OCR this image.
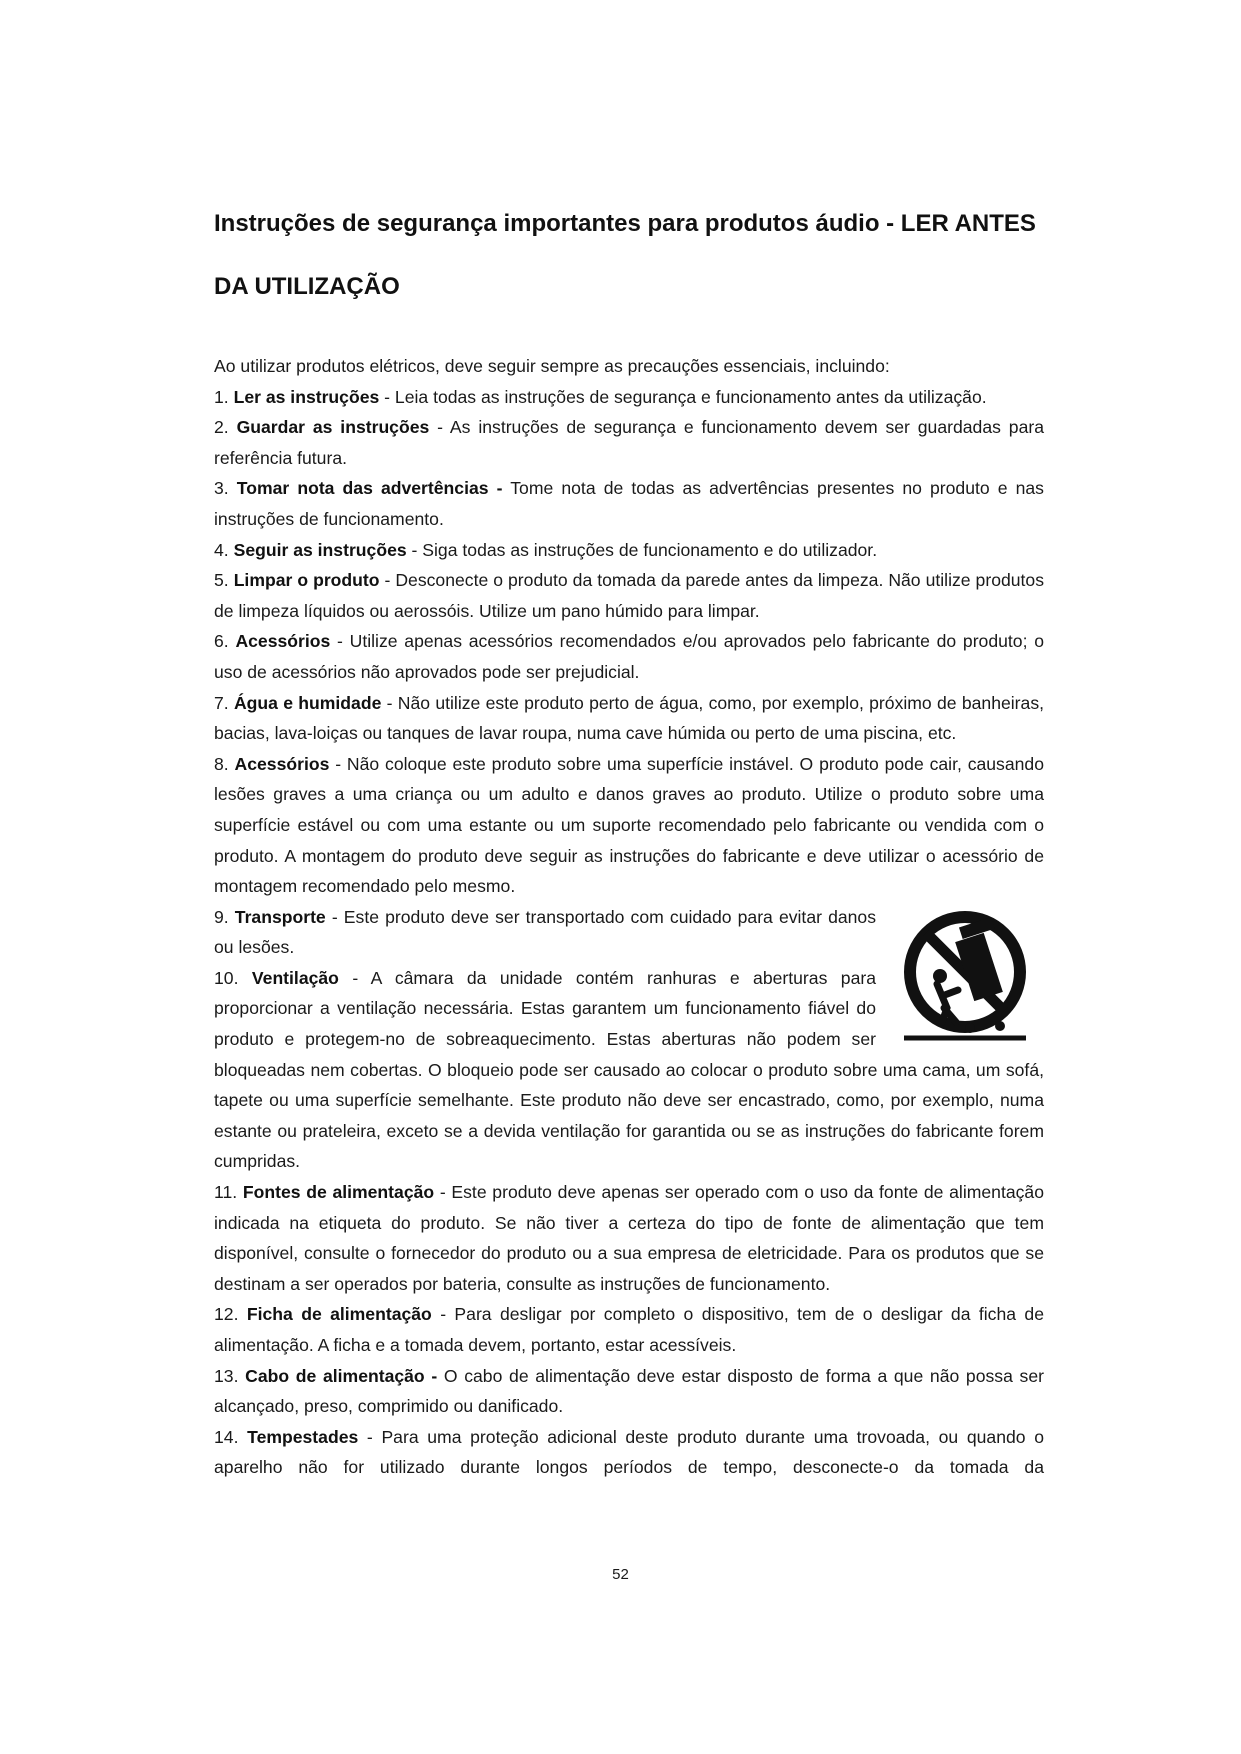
Instruções de segurança importantes para produtos áudio - LER ANTES
DA UTILIZAÇÃO

Ao utilizar produtos elétricos, deve seguir sempre as precauções essenciais, incluindo:

1. Ler as instruções - Leia todas as instruções de segurança e funcionamento antes da utilização.

2. Guardar as instruções - As instruções de segurança e funcionamento devem ser guardadas para referência futura.

3. Tomar nota das advertências - Tome nota de todas as advertências presentes no produto e nas instruções de funcionamento.

4. Seguir as instruções - Siga todas as instruções de funcionamento e do utilizador.

5. Limpar o produto - Desconecte o produto da tomada da parede antes da limpeza. Não utilize produtos de limpeza líquidos ou aerossóis. Utilize um pano húmido para limpar.

6. Acessórios - Utilize apenas acessórios recomendados e/ou aprovados pelo fabricante do produto; o uso de acessórios não aprovados pode ser prejudicial.

7. Água e humidade - Não utilize este produto perto de água, como, por exemplo, próximo de banheiras, bacias, lava-loiças ou tanques de lavar roupa, numa cave húmida ou perto de uma piscina, etc.

8. Acessórios - Não coloque este produto sobre uma superfície instável. O produto pode cair, causando lesões graves a uma criança ou um adulto e danos graves ao produto. Utilize o produto sobre uma superfície estável ou com uma estante ou um suporte recomendado pelo fabricante ou vendida com o produto. A montagem do produto deve seguir as instruções do fabricante e deve utilizar o acessório de montagem recomendado pelo mesmo.

9. Transporte - Este produto deve ser transportado com cuidado para evitar danos ou lesões.

10. Ventilação - A câmara da unidade contém ranhuras e aberturas para proporcionar a ventilação necessária. Estas garantem um funcionamento fiável do produto e protegem-no de sobreaquecimento. Estas aberturas não podem ser bloqueadas nem cobertas. O bloqueio pode ser causado ao colocar o produto sobre uma cama, um sofá, tapete ou uma superfície semelhante. Este produto não deve ser encastrado, como, por exemplo, numa estante ou prateleira, exceto se a devida ventilação for garantida ou se as instruções do fabricante forem cumpridas.

11. Fontes de alimentação - Este produto deve apenas ser operado com o uso da fonte de alimentação indicada na etiqueta do produto. Se não tiver a certeza do tipo de fonte de alimentação que tem disponível, consulte o fornecedor do produto ou a sua empresa de eletricidade. Para os produtos que se destinam a ser operados por bateria, consulte as instruções de funcionamento.

12. Ficha de alimentação - Para desligar por completo o dispositivo, tem de o desligar da ficha de alimentação. A ficha e a tomada devem, portanto, estar acessíveis.

13. Cabo de alimentação - O cabo de alimentação deve estar disposto de forma a que não possa ser alcançado, preso, comprimido ou danificado.

14. Tempestades - Para uma proteção adicional deste produto durante uma trovoada, ou quando o aparelho não for utilizado durante longos períodos de tempo, desconecte-o da tomada da

52
